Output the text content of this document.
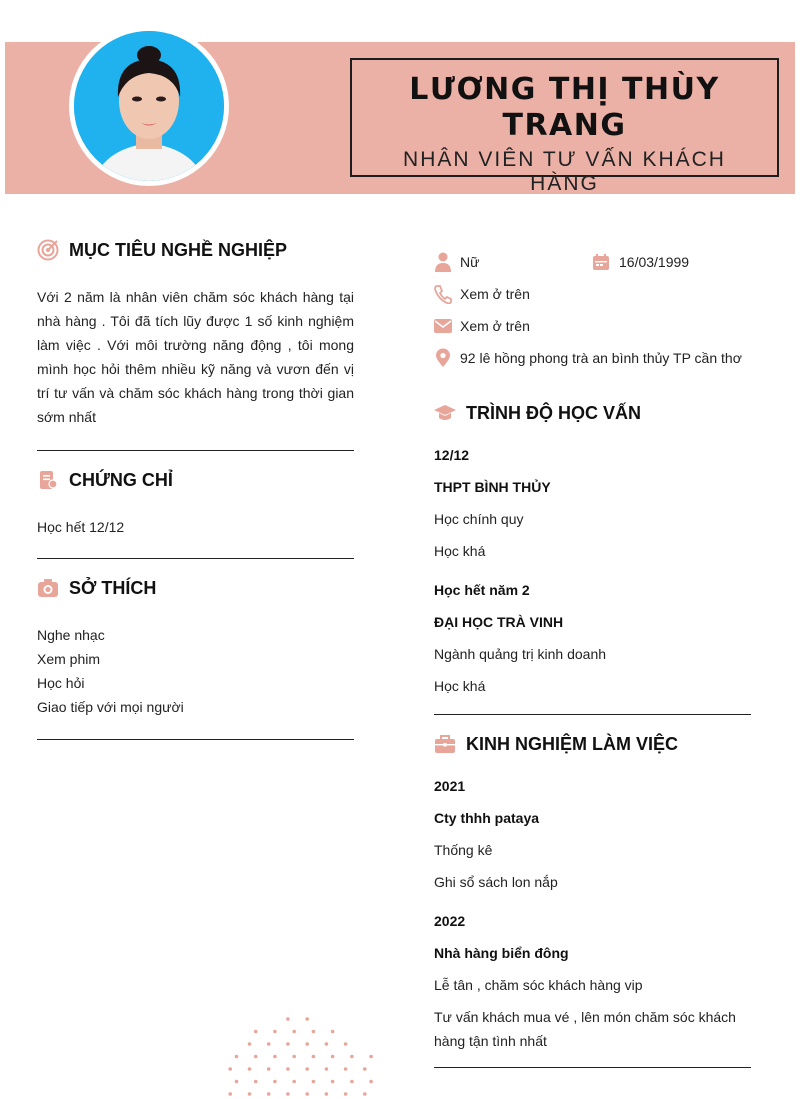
LƯƠNG THỊ THÙY TRANG
NHÂN VIÊN TƯ VẤN KHÁCH HÀNG
MỤC TIÊU NGHỀ NGHIỆP

Với 2 năm là nhân viên chăm sóc khách hàng tại nhà hàng . Tôi đã tích lũy được 1 số kinh nghiệm làm việc . Với môi trường năng động , tôi mong mình học hỏi thêm nhiều kỹ năng và vươn đến vị trí tư vấn và chăm sóc khách hàng trong thời gian sớm nhất

CHỨNG CHỈ
Học hết 12/12
SỞ THÍCH
Nghe nhạc
Xem phim
Học hỏi
Giao tiếp với mọi người
Nữ	16/03/1999
Xem ở trên
Xem ở trên
92 lê hồng phong trà an bình thủy TP cần thơ
TRÌNH ĐỘ HỌC VẤN
12/12
THPT BÌNH THỦY
Học chính quy
Học khá
Học hết năm 2
ĐẠI HỌC TRÀ VINH
Ngành quảng trị kinh doanh
Học khá
KINH NGHIỆM LÀM VIỆC
2021
Cty thhh pataya
Thống kê
Ghi sổ sách lon nắp
2022
Nhà hàng biển đông
Lễ tân , chăm sóc khách hàng vip
Tư vấn khách mua vé , lên món chăm sóc khách hàng tận tình nhất
